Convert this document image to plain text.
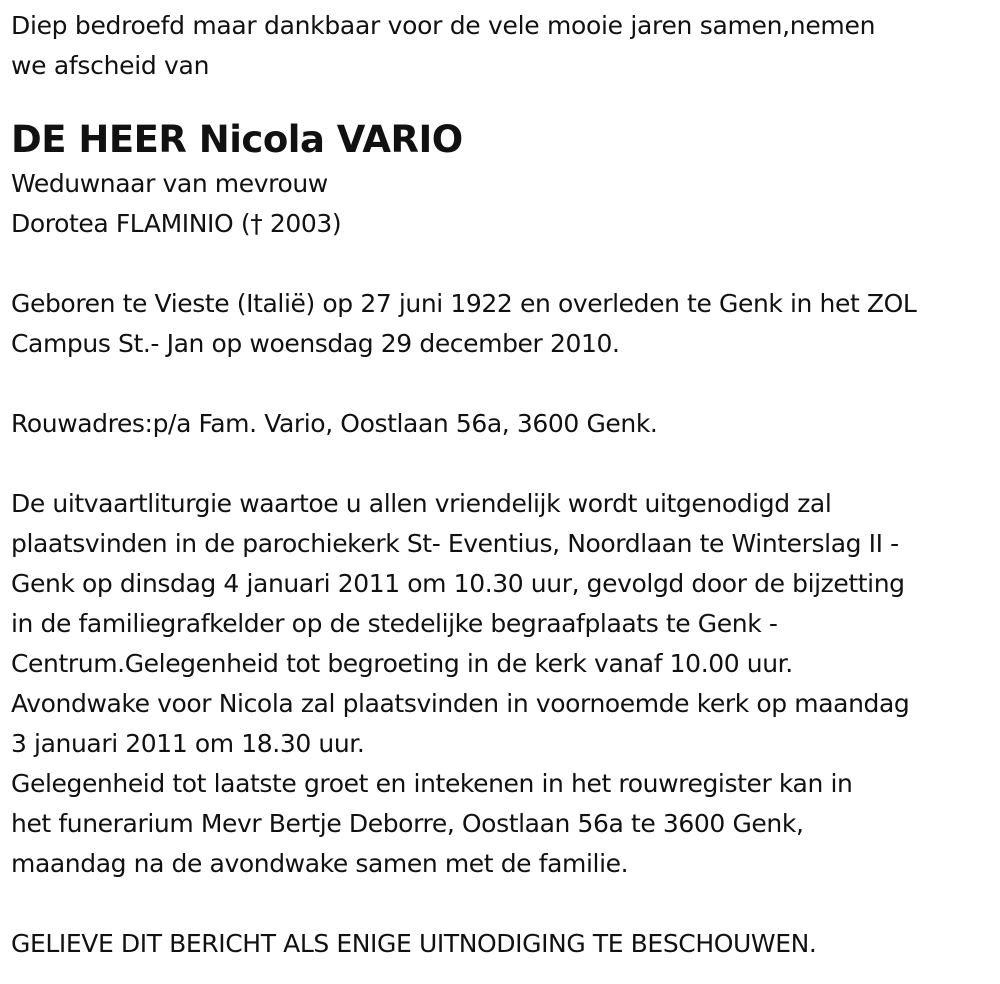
Diep bedroefd maar dankbaar voor de vele mooie jaren samen,nemen
we afscheid van
DE HEER Nicola VARIO
Weduwnaar van mevrouw
Dorotea FLAMINIO († 2003)
Geboren te Vieste (Italië) op 27 juni 1922 en overleden te Genk in het ZOL
Campus St.- Jan op woensdag 29 december 2010.
Rouwadres:p/a Fam. Vario, Oostlaan 56a, 3600 Genk.
De uitvaartliturgie waartoe u allen vriendelijk wordt uitgenodigd zal
plaatsvinden in de parochiekerk St- Eventius, Noordlaan te Winterslag II -
Genk op dinsdag 4 januari 2011 om 10.30 uur, gevolgd door de bijzetting
in de familiegrafkelder op de stedelijke begraafplaats te Genk -
Centrum.Gelegenheid tot begroeting in de kerk vanaf 10.00 uur.
Avondwake voor Nicola zal plaatsvinden in voornoemde kerk op maandag
3 januari 2011 om 18.30 uur.
Gelegenheid tot laatste groet en intekenen in het rouwregister kan in
het funerarium Mevr Bertje Deborre, Oostlaan 56a te 3600 Genk,
maandag na de avondwake samen met de familie.
GELIEVE DIT BERICHT ALS ENIGE UITNODIGING TE BESCHOUWEN.
